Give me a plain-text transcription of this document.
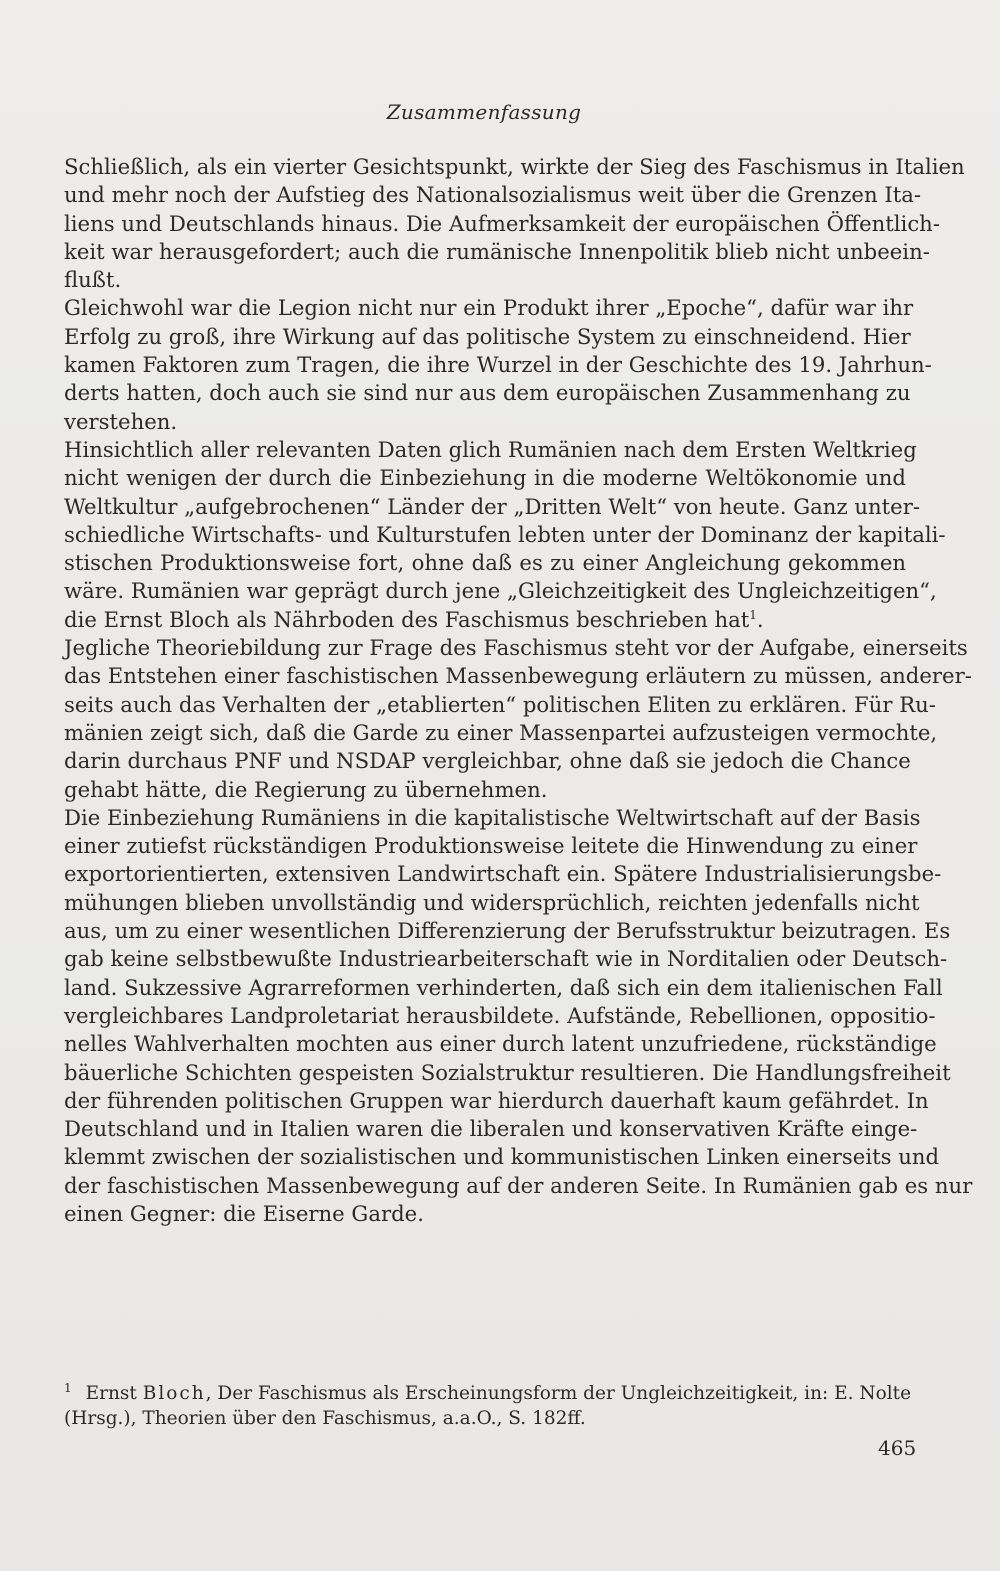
Zusammenfassung

Schließlich, als ein vierter Gesichtspunkt, wirkte der Sieg des Faschismus in Italien
und mehr noch der Aufstieg des Nationalsozialismus weit über die Grenzen Ita-
liens und Deutschlands hinaus. Die Aufmerksamkeit der europäischen Öffentlich-
keit war herausgefordert; auch die rumänische Innenpolitik blieb nicht unbeein-
flußt.

Gleichwohl war die Legion nicht nur ein Produkt ihrer „Epoche“, dafür war ihr
Erfolg zu groß, ihre Wirkung auf das politische System zu einschneidend. Hier
kamen Faktoren zum Tragen, die ihre Wurzel in der Geschichte des 19. Jahrhun-
derts hatten, doch auch sie sind nur aus dem europäischen Zusammenhang zu
verstehen.

Hinsichtlich aller relevanten Daten glich Rumänien nach dem Ersten Weltkrieg
nicht wenigen der durch die Einbeziehung in die moderne Weltökonomie und
Weltkultur „aufgebrochenen“ Länder der „Dritten Welt“ von heute. Ganz unter-
schiedliche Wirtschafts- und Kulturstufen lebten unter der Dominanz der kapitali-
stischen Produktionsweise fort, ohne daß es zu einer Angleichung gekommen
wäre. Rumänien war geprägt durch jene „Gleichzeitigkeit des Ungleichzeitigen“,
die Ernst Bloch als Nährboden des Faschismus beschrieben hat$^1$.

Jegliche Theoriebildung zur Frage des Faschismus steht vor der Aufgabe, einerseits
das Entstehen einer faschistischen Massenbewegung erläutern zu müssen, anderer-
seits auch das Verhalten der „etablierten“ politischen Eliten zu erklären. Für Ru-
mänien zeigt sich, daß die Garde zu einer Massenpartei aufzusteigen vermochte,
darin durchaus PNF und NSDAP vergleichbar, ohne daß sie jedoch die Chance
gehabt hätte, die Regierung zu übernehmen.

Die Einbeziehung Rumäniens in die kapitalistische Weltwirtschaft auf der Basis
einer zutiefst rückständigen Produktionsweise leitete die Hinwendung zu einer
exportorientierten, extensiven Landwirtschaft ein. Spätere Industrialisierungsbe-
mühungen blieben unvollständig und widersprüchlich, reichten jedenfalls nicht
aus, um zu einer wesentlichen Differenzierung der Berufsstruktur beizutragen. Es
gab keine selbstbewußte Industriearbeiterschaft wie in Norditalien oder Deutsch-
land. Sukzessive Agrarreformen verhinderten, daß sich ein dem italienischen Fall
vergleichbares Landproletariat herausbildete. Aufstände, Rebellionen, oppositio-
nelles Wahlverhalten mochten aus einer durch latent unzufriedene, rückständige
bäuerliche Schichten gespeisten Sozialstruktur resultieren. Die Handlungsfreiheit
der führenden politischen Gruppen war hierdurch dauerhaft kaum gefährdet. In
Deutschland und in Italien waren die liberalen und konservativen Kräfte einge-
klemmt zwischen der sozialistischen und kommunistischen Linken einerseits und
der faschistischen Massenbewegung auf der anderen Seite. In Rumänien gab es nur
einen Gegner: die Eiserne Garde.

$^1$ Ernst Bloch, Der Faschismus als Erscheinungsform der Ungleichzeitigkeit, in: E. Nolte
(Hrsg.), Theorien über den Faschismus, a.a.O., S. 182ff.
465
